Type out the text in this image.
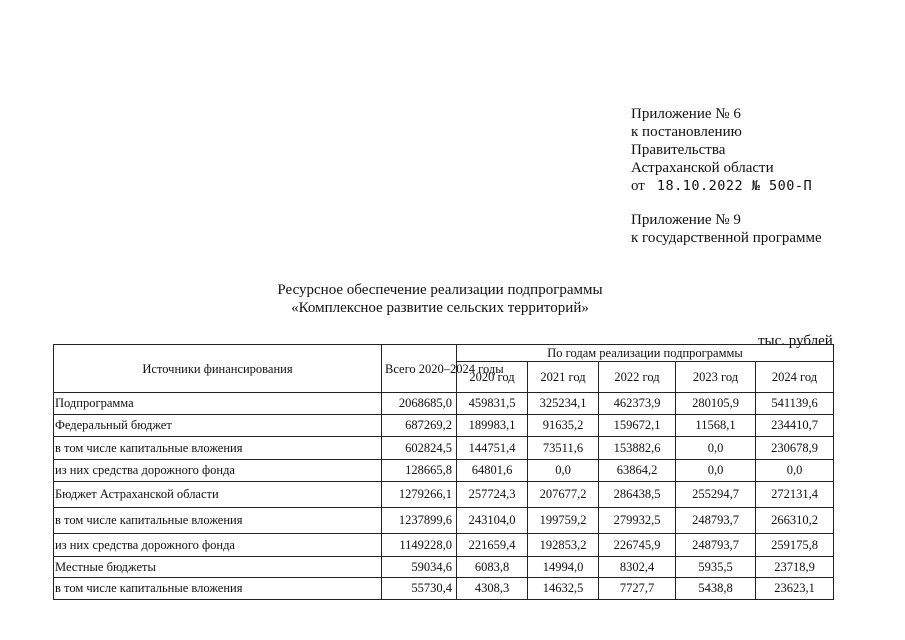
Приложение № 6
к постановлению
Правительства
Астраханской области
от 18.10.2022 № 500-П
Приложение № 9
к государственной программе
Ресурсное обеспечение реализации подпрограммы
«Комплексное развитие сельских территорий»
тыс. рублей
Источники финансирования	Всего 2020–2024 годы	По годам реализации подпрограммы				
		2020 год	2021 год	2022 год	2023 год	2024 год
Подпрограмма	2068685,0	459831,5	325234,1	462373,9	280105,9	541139,6
Федеральный бюджет	687269,2	189983,1	91635,2	159672,1	11568,1	234410,7
в том числе капитальные вложения	602824,5	144751,4	73511,6	153882,6	0,0	230678,9
из них средства дорожного фонда	128665,8	64801,6	0,0	63864,2	0,0	0,0
Бюджет Астраханской области	1279266,1	257724,3	207677,2	286438,5	255294,7	272131,4
в том числе капитальные вложения	1237899,6	243104,0	199759,2	279932,5	248793,7	266310,2
из них средства дорожного фонда	1149228,0	221659,4	192853,2	226745,9	248793,7	259175,8
Местные бюджеты	59034,6	6083,8	14994,0	8302,4	5935,5	23718,9
в том числе капитальные вложения	55730,4	4308,3	14632,5	7727,7	5438,8	23623,1
